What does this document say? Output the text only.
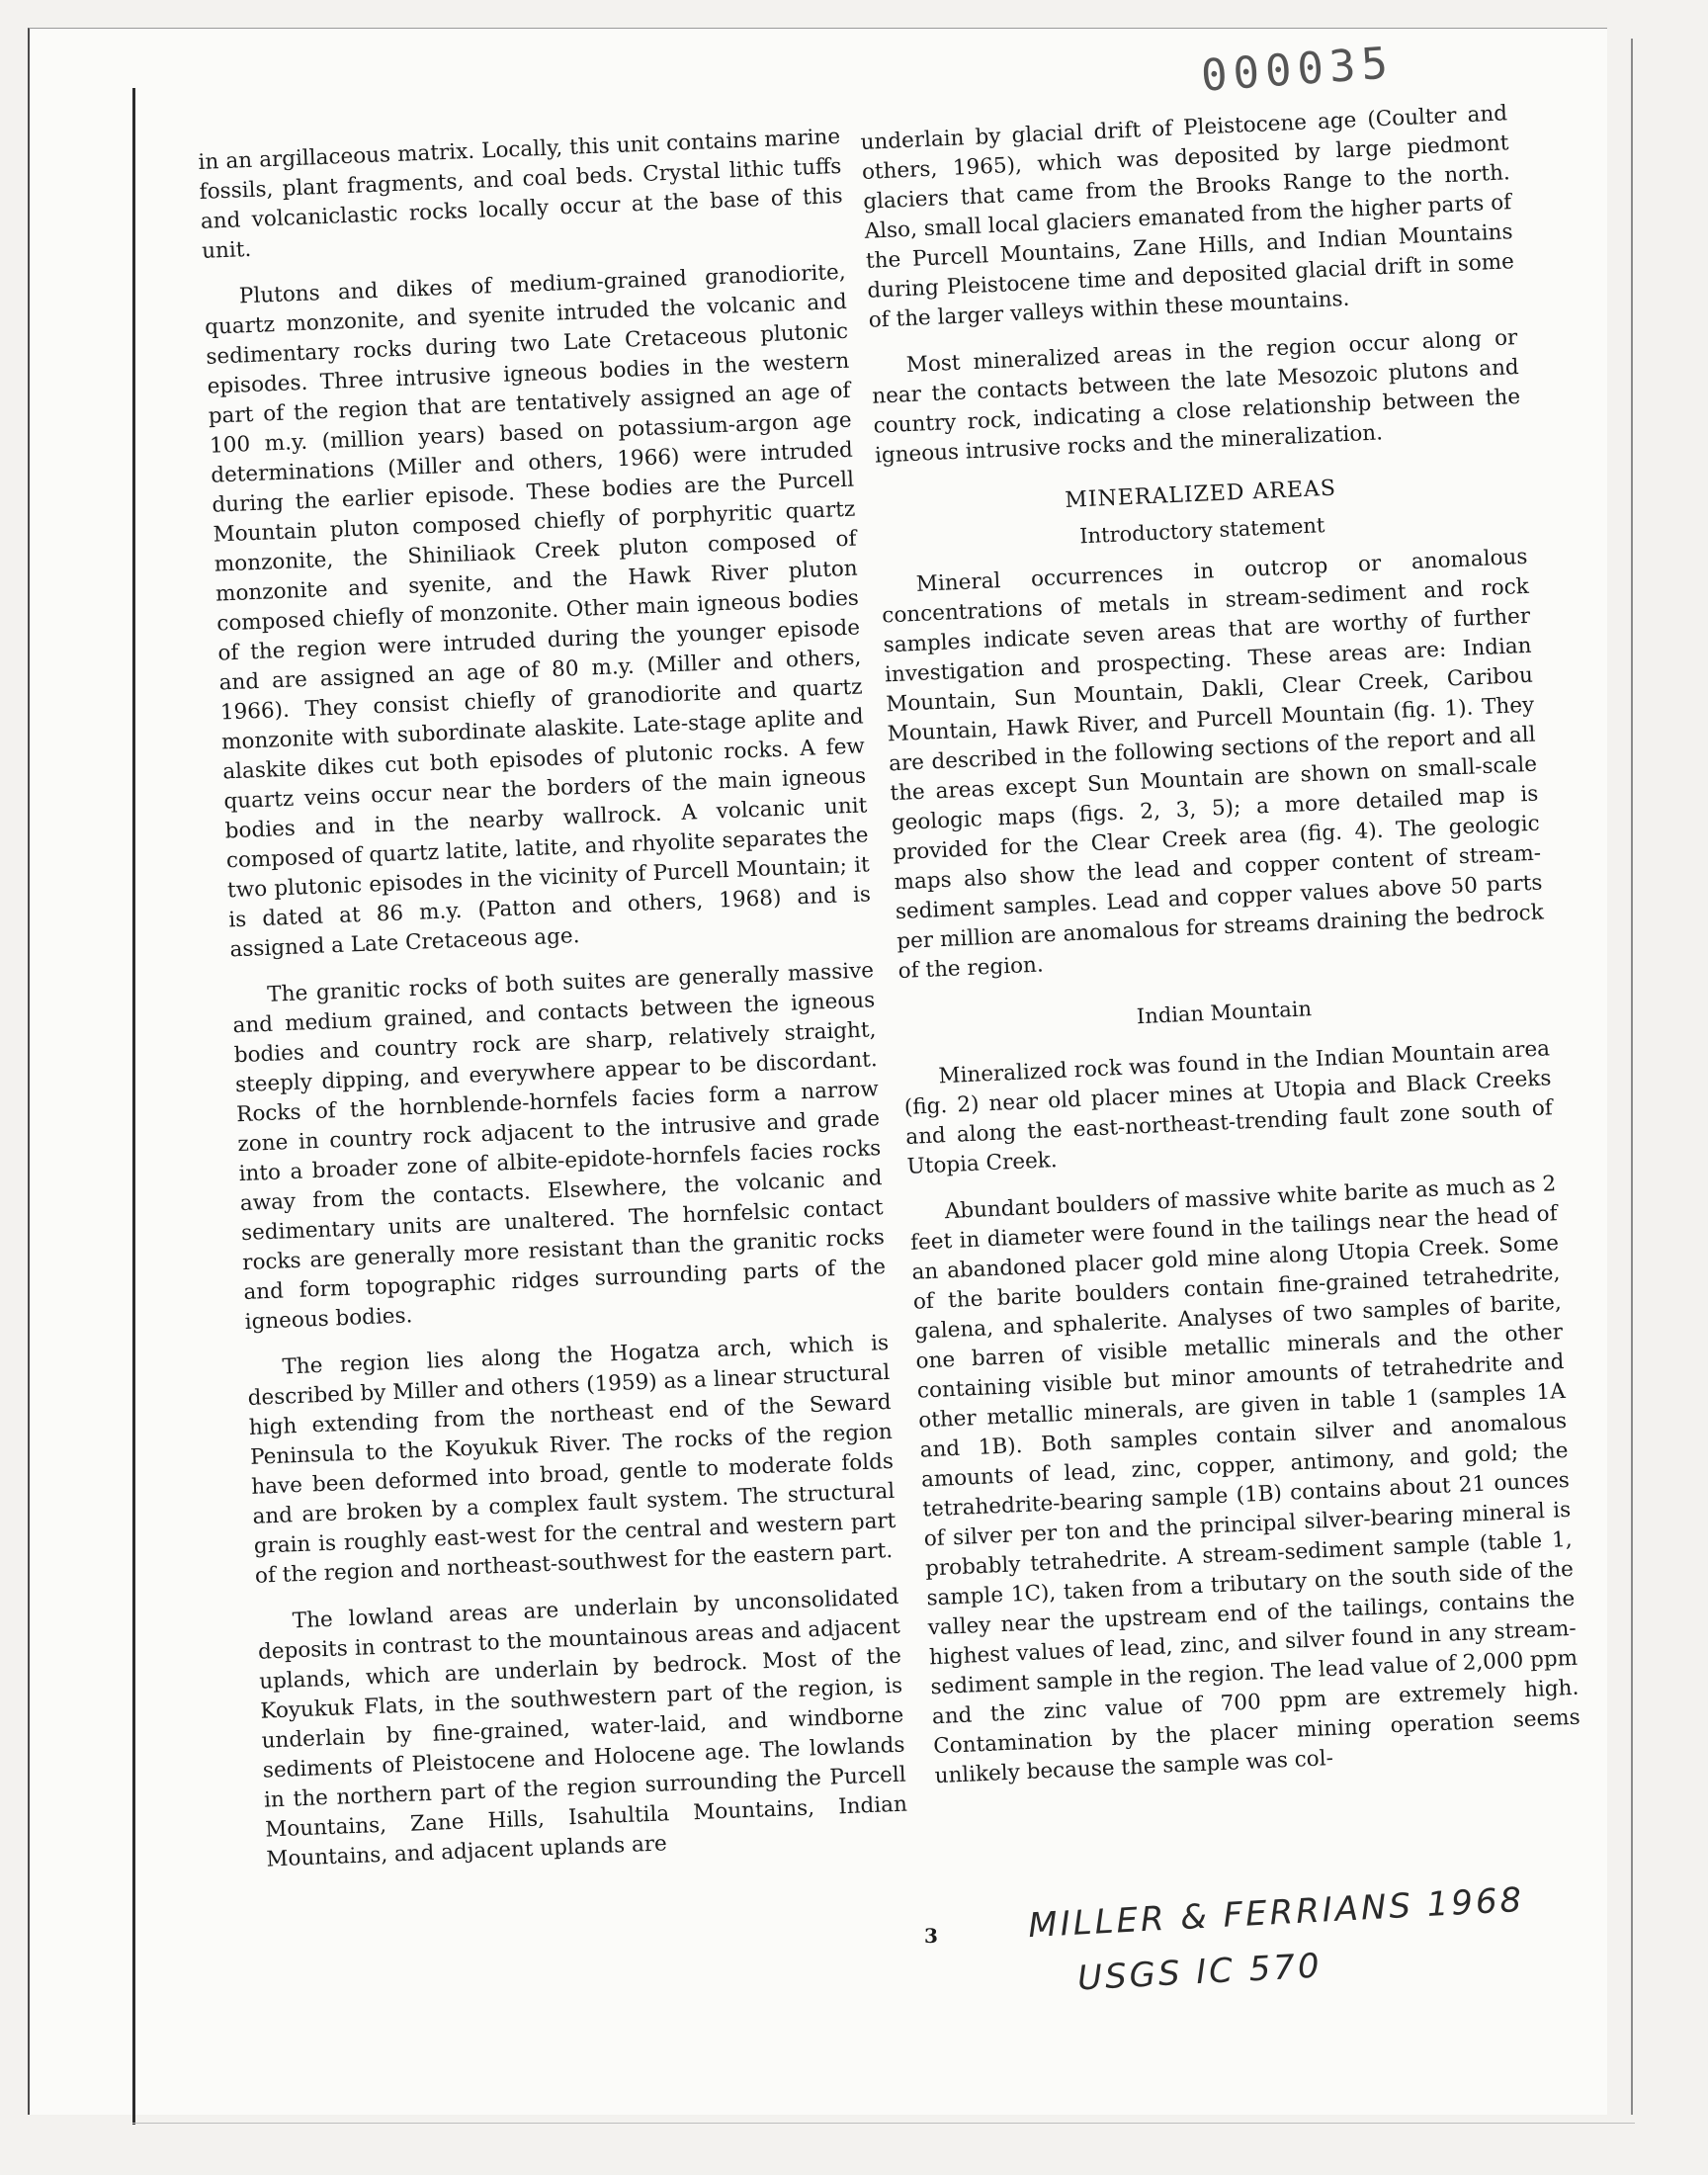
000035

in an argillaceous matrix. Locally, this unit contains marine fossils, plant fragments, and coal beds. Crystal lithic tuffs and volcaniclastic rocks locally occur at the base of this unit.

Plutons and dikes of medium-grained granodiorite, quartz monzonite, and syenite intruded the volcanic and sedimentary rocks during two Late Cretaceous plutonic episodes. Three intrusive igneous bodies in the western part of the region that are tentatively assigned an age of 100 m.y. (million years) based on potassium-argon age determinations (Miller and others, 1966) were intruded during the earlier episode. These bodies are the Purcell Mountain pluton composed chiefly of porphyritic quartz monzonite, the Shiniliaok Creek pluton composed of monzonite and syenite, and the Hawk River pluton composed chiefly of monzonite. Other main igneous bodies of the region were intruded during the younger episode and are assigned an age of 80 m.y. (Miller and others, 1966). They consist chiefly of granodiorite and quartz monzonite with subordinate alaskite. Late-stage aplite and alaskite dikes cut both episodes of plutonic rocks. A few quartz veins occur near the borders of the main igneous bodies and in the nearby wallrock. A volcanic unit composed of quartz latite, latite, and rhyolite separates the two plutonic episodes in the vicinity of Purcell Mountain; it is dated at 86 m.y. (Patton and others, 1968) and is assigned a Late Cretaceous age.

The granitic rocks of both suites are generally massive and medium grained, and contacts between the igneous bodies and country rock are sharp, relatively straight, steeply dipping, and everywhere appear to be discordant. Rocks of the hornblende-hornfels facies form a narrow zone in country rock adjacent to the intrusive and grade into a broader zone of albite-epidote-hornfels facies rocks away from the contacts. Elsewhere, the volcanic and sedimentary units are unaltered. The hornfelsic contact rocks are generally more resistant than the granitic rocks and form topographic ridges surrounding parts of the igneous bodies.

The region lies along the Hogatza arch, which is described by Miller and others (1959) as a linear structural high extending from the northeast end of the Seward Peninsula to the Koyukuk River. The rocks of the region have been deformed into broad, gentle to moderate folds and are broken by a complex fault system. The structural grain is roughly east-west for the central and western part of the region and northeast-southwest for the eastern part.

The lowland areas are underlain by unconsolidated deposits in contrast to the mountainous areas and adjacent uplands, which are underlain by bedrock. Most of the Koyukuk Flats, in the southwestern part of the region, is underlain by fine-grained, water-laid, and windborne sediments of Pleistocene and Holocene age. The lowlands in the northern part of the region surrounding the Purcell Mountains, Zane Hills, Isahultila Mountains, Indian Mountains, and adjacent uplands are

underlain by glacial drift of Pleistocene age (Coulter and others, 1965), which was deposited by large piedmont glaciers that came from the Brooks Range to the north. Also, small local glaciers emanated from the higher parts of the Purcell Mountains, Zane Hills, and Indian Mountains during Pleistocene time and deposited glacial drift in some of the larger valleys within these mountains.

Most mineralized areas in the region occur along or near the contacts between the late Mesozoic plutons and country rock, indicating a close relationship between the igneous intrusive rocks and the mineralization.

MINERALIZED AREAS
Introductory statement

Mineral occurrences in outcrop or anomalous concentrations of metals in stream-sediment and rock samples indicate seven areas that are worthy of further investigation and prospecting. These areas are: Indian Mountain, Sun Mountain, Dakli, Clear Creek, Caribou Mountain, Hawk River, and Purcell Mountain (fig. 1). They are described in the following sections of the report and all the areas except Sun Mountain are shown on small-scale geologic maps (figs. 2, 3, 5); a more detailed map is provided for the Clear Creek area (fig. 4). The geologic maps also show the lead and copper content of stream-sediment samples. Lead and copper values above 50 parts per million are anomalous for streams draining the bedrock of the region.

Indian Mountain

Mineralized rock was found in the Indian Mountain area (fig. 2) near old placer mines at Utopia and Black Creeks and along the east-northeast-trending fault zone south of Utopia Creek.

Abundant boulders of massive white barite as much as 2 feet in diameter were found in the tailings near the head of an abandoned placer gold mine along Utopia Creek. Some of the barite boulders contain fine-grained tetrahedrite, galena, and sphalerite. Analyses of two samples of barite, one barren of visible metallic minerals and the other containing visible but minor amounts of tetrahedrite and other metallic minerals, are given in table 1 (samples 1A and 1B). Both samples contain silver and anomalous amounts of lead, zinc, copper, antimony, and gold; the tetrahedrite-bearing sample (1B) contains about 21 ounces of silver per ton and the principal silver-bearing mineral is probably tetrahedrite. A stream-sediment sample (table 1, sample 1C), taken from a tributary on the south side of the valley near the upstream end of the tailings, contains the highest values of lead, zinc, and silver found in any stream-sediment sample in the region. The lead value of 2,000 ppm and the zinc value of 700 ppm are extremely high. Contamination by the placer mining operation seems unlikely because the sample was col-

3	MILLER & FERRIANS 1968
USGS IC 570
